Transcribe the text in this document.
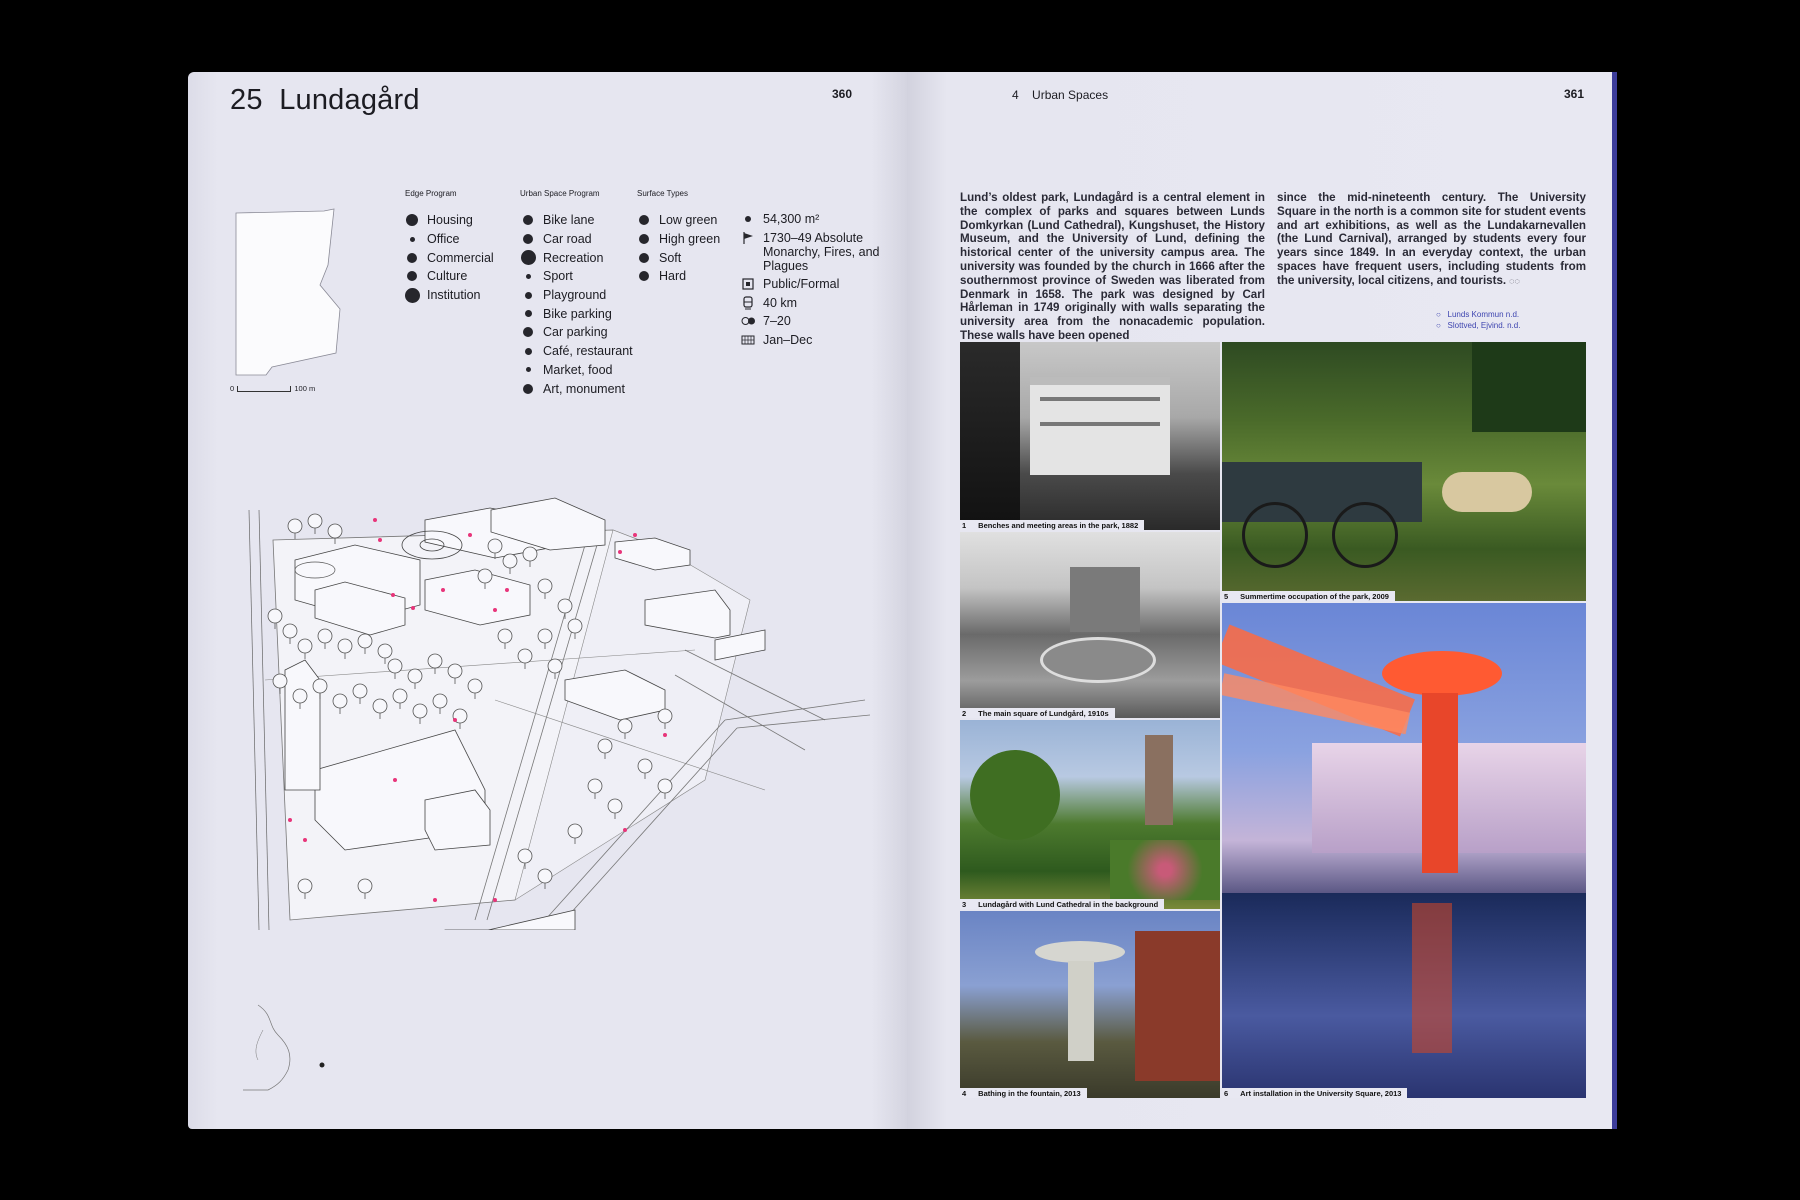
25 Lundagård	360
0	100 m
Edge Program
Housing
Office
Commercial
Culture
Institution
Urban Space Program
Bike lane
Car road
Recreation
Sport
Playground
Bike parking
Car parking
Café, restaurant
Market, food
Art, monument
Surface Types
Low green
High green
Soft
Hard
54,300 m²
1730–49 Absolute Monarchy, Fires, and Plagues
Public/Formal
40 km
7–20
Jan–Dec
4 Urban Spaces	361
Lund’s oldest park, Lundagård is a central element in the complex of parks and squares between Lunds Domkyrkan (Lund Cathedral), Kungshuset, the History Museum, and the University of Lund, defining the historical center of the university campus area. The university was founded by the church in 1666 after the southernmost province of Sweden was liberated from Denmark in 1658. The park was designed by Carl Hårleman in 1749 originally with walls separating the university area from the nonacademic population. These walls have been opened
since the mid-nineteenth century. The University Square in the north is a common site for student events and art exhibitions, as well as the Lundakarnevallen (the Lund Carnival), arranged by students every four years since 1849. In an everyday context, the urban spaces have frequent users, including students from the university, local citizens, and tourists. ◌◌
○ Lunds Kommun n.d.
○ Slottved, Ejvind. n.d.
1 Benches and meeting areas in the park, 1882
2 The main square of Lundgård, 1910s
3 Lundagård with Lund Cathedral in the background
4 Bathing in the fountain, 2013
5 Summertime occupation of the park, 2009
6 Art installation in the University Square, 2013
